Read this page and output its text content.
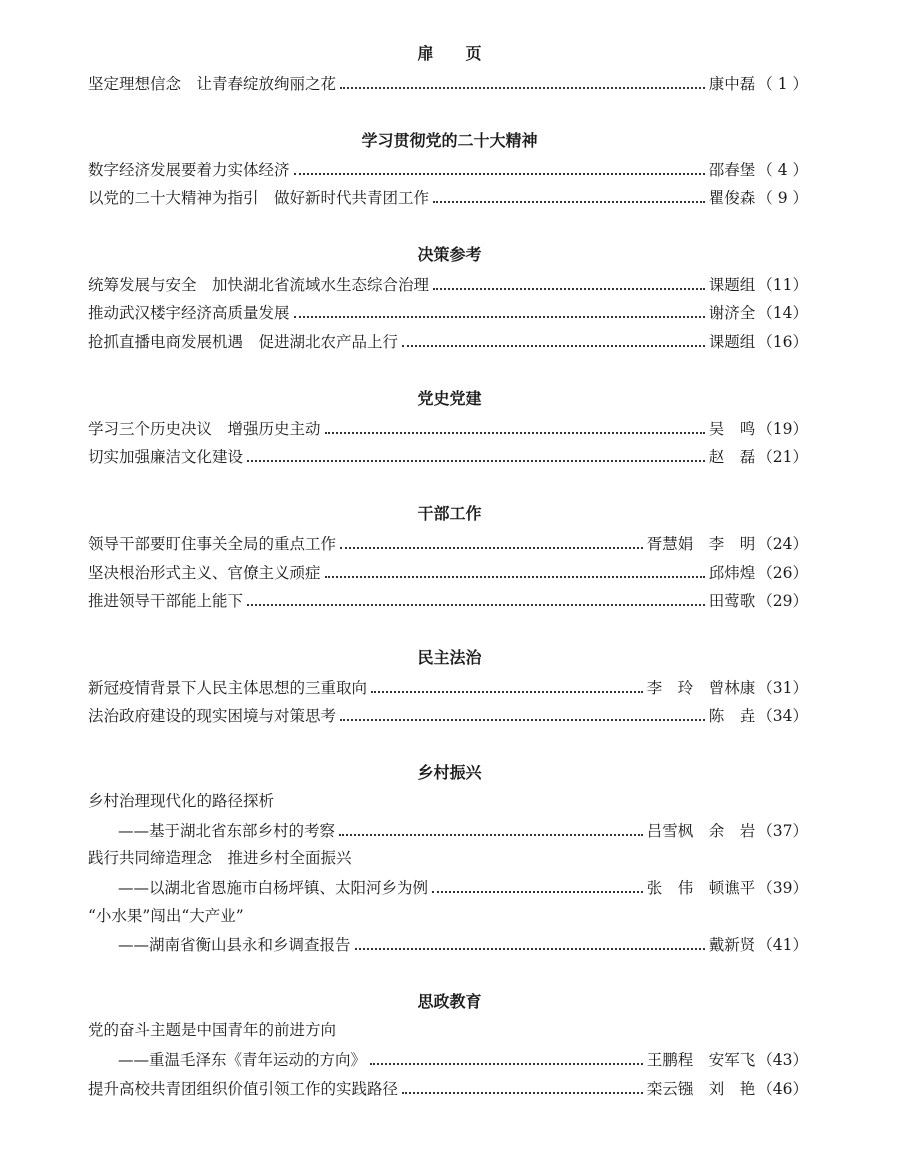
扉　　页
坚定理想信念　让青春绽放绚丽之花	康中磊 （ 1 ）
学习贯彻党的二十大精神
数字经济发展要着力实体经济	邵春堡 （ 4 ）
以党的二十大精神为指引　做好新时代共青团工作	瞿俊森 （ 9 ）
决策参考
统筹发展与安全　加快湖北省流域水生态综合治理	课题组 （11）
推动武汉楼宇经济高质量发展	谢济全 （14）
抢抓直播电商发展机遇　促进湖北农产品上行	课题组 （16）
党史党建
学习三个历史决议　增强历史主动	吴　鸣 （19）
切实加强廉洁文化建设	赵　磊 （21）
干部工作
领导干部要盯住事关全局的重点工作	胥慧娟　李　明 （24）
坚决根治形式主义、官僚主义顽症	邱炜煌 （26）
推进领导干部能上能下	田莺歌 （29）
民主法治
新冠疫情背景下人民主体思想的三重取向	李　玲　曾林康 （31）
法治政府建设的现实困境与对策思考	陈　垚 （34）
乡村振兴
乡村治理现代化的路径探析
——基于湖北省东部乡村的考察	吕雪枫　余　岩 （37）
践行共同缔造理念　推进乡村全面振兴
——以湖北省恩施市白杨坪镇、太阳河乡为例	张　伟　顿谯平 （39）
“小水果”闯出“大产业”
——湖南省衡山县永和乡调查报告	戴新贤 （41）
思政教育
党的奋斗主题是中国青年的前进方向
——重温毛泽东《青年运动的方向》	王鹏程　安军飞 （43）
提升高校共青团组织价值引领工作的实践路径	栾云镪　刘　艳 （46）
